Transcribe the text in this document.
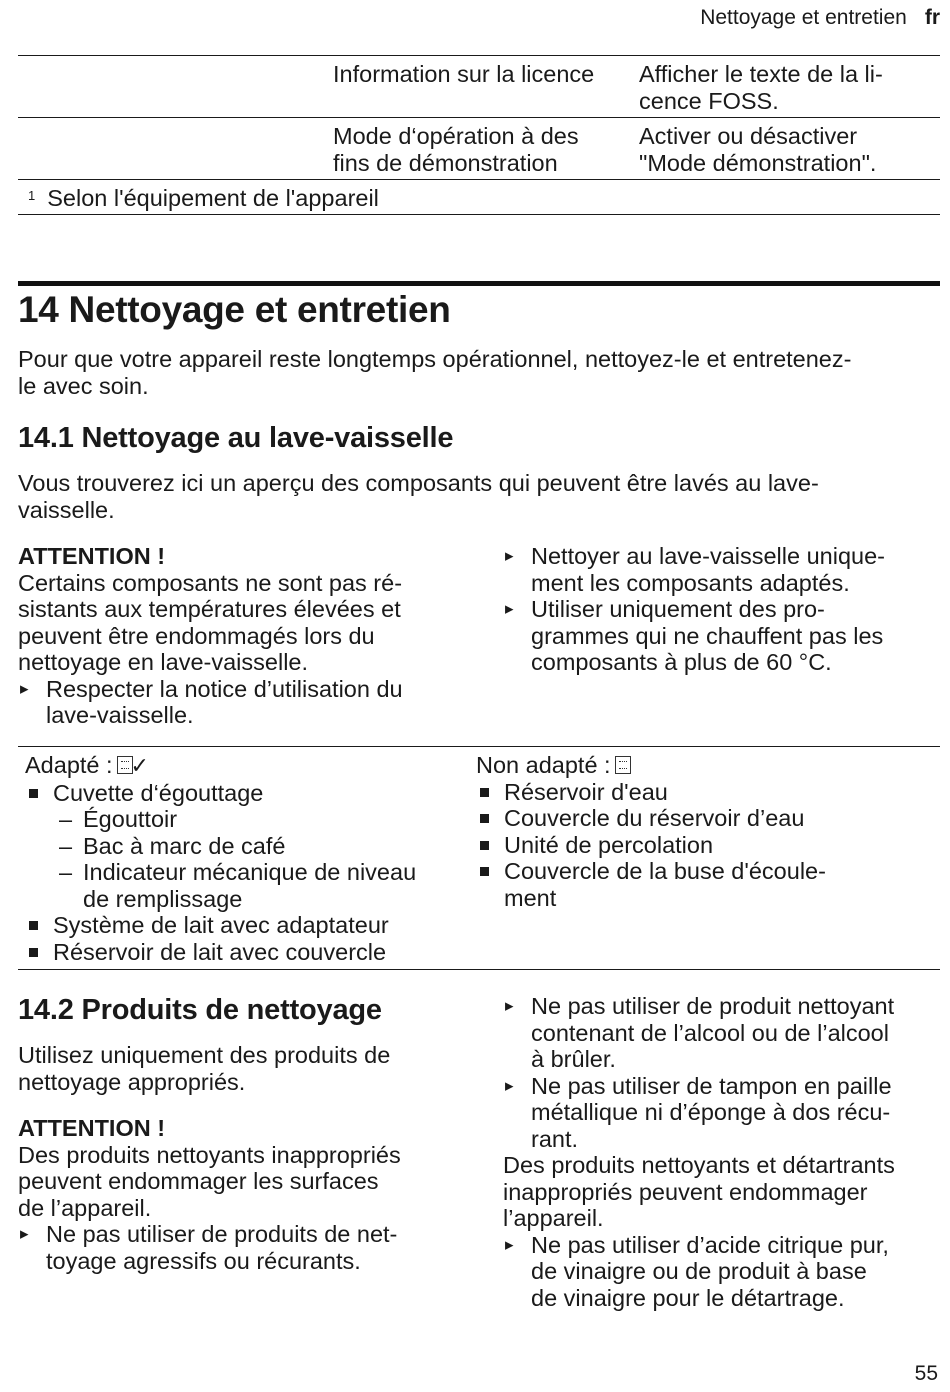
Nettoyage et entretien fr
Information sur la licence Afficher le texte de la li-
cence FOSS.
Mode d‘opération à des
fins de démonstration
Activer ou désactiver
"Mode démonstration".
$^1$ Selon l'équipement de l'appareil
14 Nettoyage et entretien
Pour que votre appareil reste longtemps opérationnel, nettoyez-le et entretenez-
le avec soin.
14.1 Nettoyage au lave-vaisselle
Vous trouverez ici un aperçu des composants qui peuvent être lavés au lave-
vaisselle.
ATTENTION !
Certains composants ne sont pas ré-
sistants aux températures élevées et
peuvent être endommagés lors du
nettoyage en lave-vaisselle.
▸ Respecter la notice d’utilisation du
lave-vaisselle.
▸ Nettoyer au lave-vaisselle unique-
ment les composants adaptés.
▸ Utiliser uniquement des pro-
grammes qui ne chauffent pas les
composants à plus de 60 °C.
Adapté : ✓
Cuvette d‘égouttage
– Égouttoir
– Bac à marc de café
– Indicateur mécanique de niveau
de remplissage
Système de lait avec adaptateur
Réservoir de lait avec couvercle
Non adapté :
Réservoir d'eau
Couvercle du réservoir d’eau
Unité de percolation
Couvercle de la buse d'écoule-
ment
14.2 Produits de nettoyage
Utilisez uniquement des produits de
nettoyage appropriés.
ATTENTION !
Des produits nettoyants inappropriés
peuvent endommager les surfaces
de l’appareil.
▸ Ne pas utiliser de produits de net-
toyage agressifs ou récurants.
▸ Ne pas utiliser de produit nettoyant
contenant de l’alcool ou de l’alcool
à brûler.
▸ Ne pas utiliser de tampon en paille
métallique ni d’éponge à dos récu-
rant.
Des produits nettoyants et détartrants
inappropriés peuvent endommager
l’appareil.
▸ Ne pas utiliser d’acide citrique pur,
de vinaigre ou de produit à base
de vinaigre pour le détartrage.
55
